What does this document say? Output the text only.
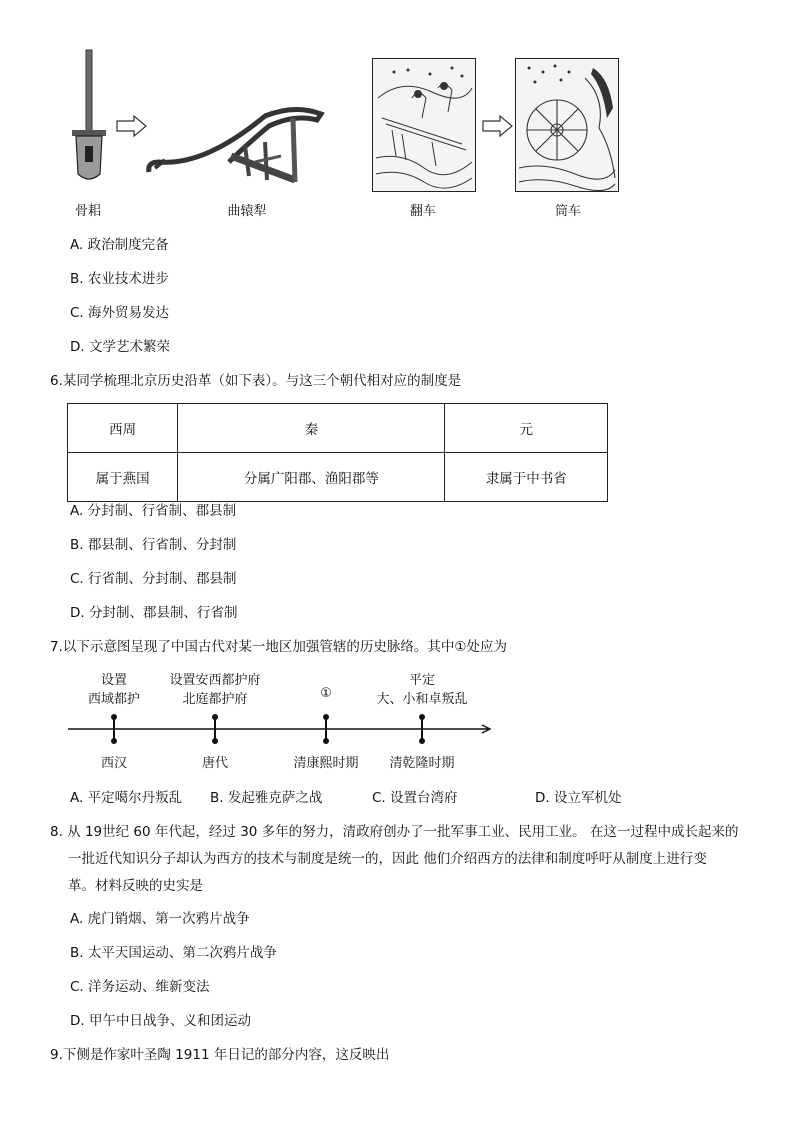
骨耜	曲辕犁	翻车	筒车
A. 政治制度完备
B. 农业技术进步
C. 海外贸易发达
D. 文学艺术繁荣
6.某同学梳理北京历史沿革（如下表）。与这三个朝代相对应的制度是
西周	秦	元
属于燕国	分属广阳郡、渔阳郡等	隶属于中书省
A. 分封制、行省制、郡县制
B. 郡县制、行省制、分封制
C. 行省制、分封制、郡县制
D. 分封制、郡县制、行省制
7.以下示意图呈现了中国古代对某一地区加强管辖的历史脉络。其中①处应为
设置
西域都护
西汉
设置安西都护府
北庭都护府
唐代
①
清康熙时期
平定
大、小和卓叛乱
清乾隆时期
A. 平定噶尔丹叛乱 B. 发起雅克萨之战	C. 设置台湾府	D. 设立军机处
8. 从 19世纪 60 年代起，经过 30 多年的努力，清政府创办了一批军事工业、民用工业。 在这一过程中成长起来的
一批近代知识分子却认为西方的技术与制度是统一的，因此 他们介绍西方的法律和制度呼吁从制度上进行变
革。材料反映的史实是
A. 虎门销烟、第一次鸦片战争
B. 太平天国运动、第二次鸦片战争
C. 洋务运动、维新变法
D. 甲午中日战争、义和团运动
9.下侧是作家叶圣陶 1911 年日记的部分内容，这反映出
